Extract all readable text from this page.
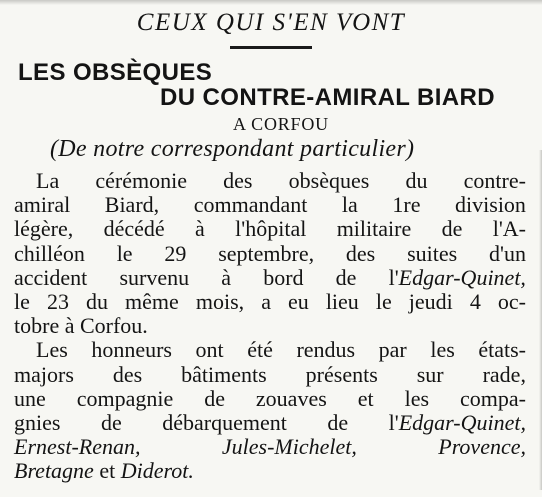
CEUX QUI S'EN VONT
LES OBSÈQUES
DU CONTRE-AMIRAL BIARD
A CORFOU
(De notre correspondant particulier)
La cérémonie des obsèques du contre-
amiral Biard, commandant la 1re division
légère, décédé à l'hôpital militaire de l'A-
chilléon le 29 septembre, des suites d'un
accident survenu à bord de l'Edgar-Quinet,
le 23 du même mois, a eu lieu le jeudi 4 oc-
tobre
à
Corfou.
Les honneurs ont été rendus par les états-
majors des bâtiments présents sur rade,
une compagnie de zouaves et les compa-
gnies de débarquement de l'Edgar-Quinet,
Ernest-Renan,	Jules-Michelet,	Provence,
Bretagne
et
Diderot.
